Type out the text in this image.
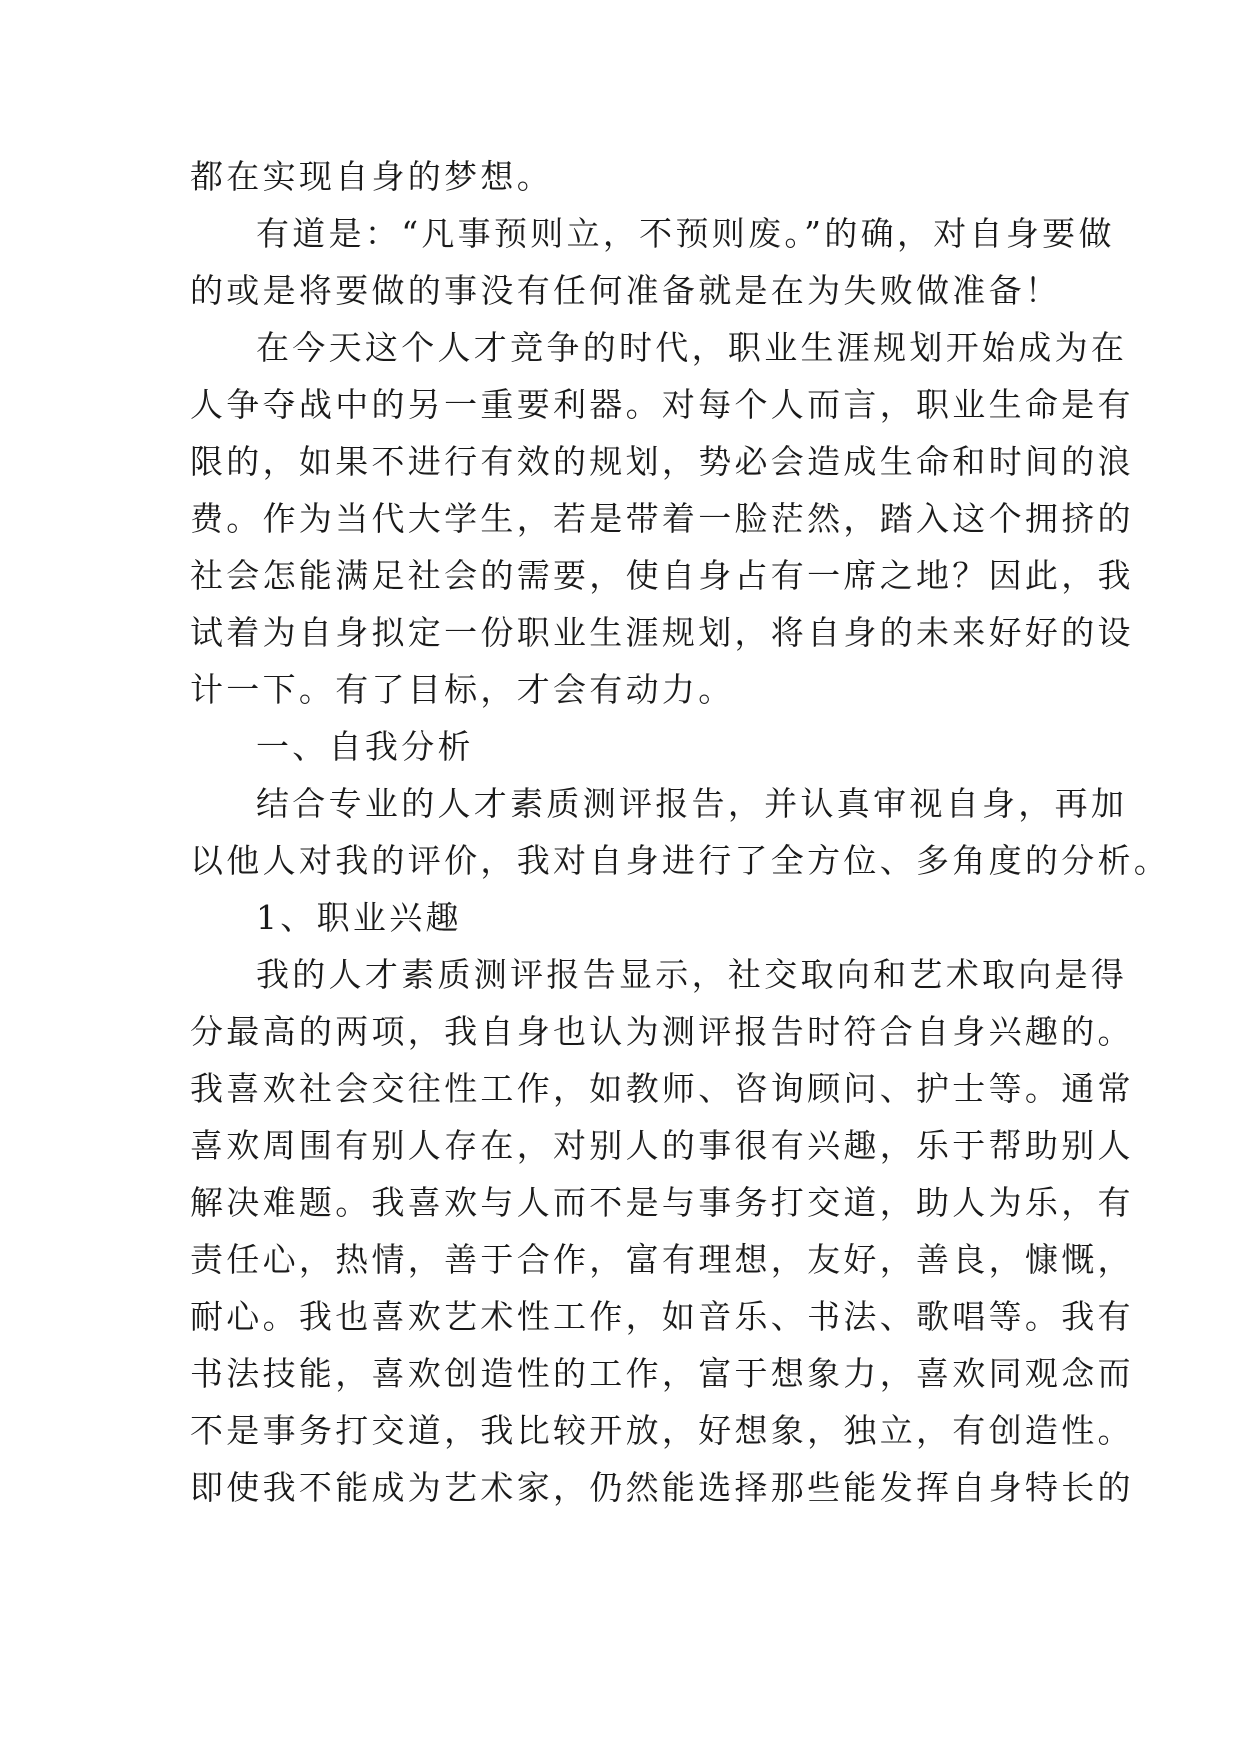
都在实现自身的梦想。
有道是：“凡事预则立，不预则废。”的确，对自身要做
的或是将要做的事没有任何准备就是在为失败做准备！
在今天这个人才竞争的时代，职业生涯规划开始成为在
人争夺战中的另一重要利器。对每个人而言，职业生命是有
限的，如果不进行有效的规划，势必会造成生命和时间的浪
费。作为当代大学生，若是带着一脸茫然，踏入这个拥挤的
社会怎能满足社会的需要，使自身占有一席之地？因此，我
试着为自身拟定一份职业生涯规划，将自身的未来好好的设
计一下。有了目标，才会有动力。
一、自我分析
结合专业的人才素质测评报告，并认真审视自身，再加
以他人对我的评价，我对自身进行了全方位、多角度的分析。
1、职业兴趣
我的人才素质测评报告显示，社交取向和艺术取向是得
分最高的两项，我自身也认为测评报告时符合自身兴趣的。
我喜欢社会交往性工作，如教师、咨询顾问、护士等。通常
喜欢周围有别人存在，对别人的事很有兴趣，乐于帮助别人
解决难题。我喜欢与人而不是与事务打交道，助人为乐，有
责任心，热情，善于合作，富有理想，友好，善良，慷慨，
耐心。我也喜欢艺术性工作，如音乐、书法、歌唱等。我有
书法技能，喜欢创造性的工作，富于想象力，喜欢同观念而
不是事务打交道，我比较开放，好想象，独立，有创造性。
即使我不能成为艺术家，仍然能选择那些能发挥自身特长的
